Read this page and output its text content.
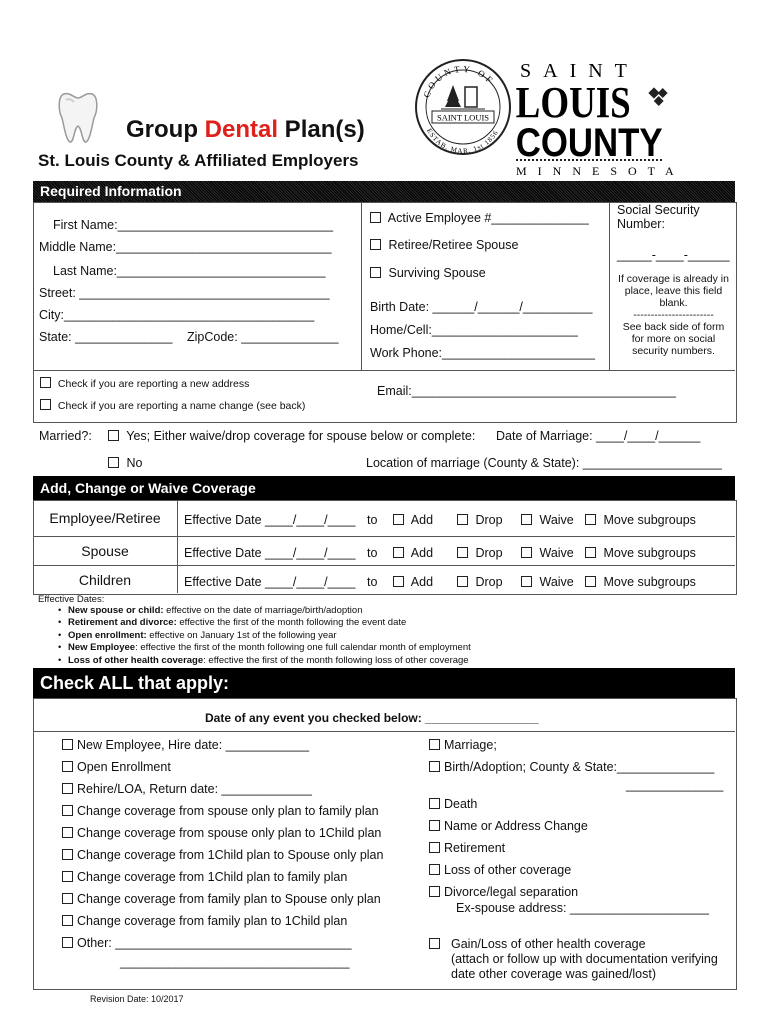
Group Dental Plan(s)
St. Louis County & Affiliated Employers
COUNTY OF
ESTAB. MAR. 1st 1856
SAINT LOUIS
SAINT
LOUIS
COUNTY
MINNESOTA
Required Information
First Name:_______________________________
Middle Name:_______________________________
Last Name:______________________________
Street: ____________________________________
City:____________________________________
State: ______________ ZipCode: ______________
Active Employee #______________
Retiree/Retiree Spouse
Surviving Spouse
Birth Date: ______/______/__________
Home/Cell:_____________________
Work Phone:______________________
Social Security
Number:
_____-____-______
If coverage is already in
place, leave this field
blank.
-----------------------
See back side of form
for more on social
security numbers.
Check if you are reporting a new address
Check if you are reporting a name change (see back)
Email:______________________________________
Married?:	Yes; Either waive/drop coverage for spouse below or complete: Date of Marriage: ____/____/______
No	Location of marriage (County & State): ____________________
Add, Change or Waive Coverage
Employee/Retiree	Effective Date ____/____/____ to	Add	Drop	Waive	Move subgroups
Spouse	Effective Date ____/____/____ to	Add	Drop	Waive	Move subgroups
Children	Effective Date ____/____/____ to	Add	Drop	Waive	Move subgroups
Effective Dates:
• New spouse or child: effective on the date of marriage/birth/adoption
• Retirement and divorce: effective the first of the month following the event date
• Open enrollment: effective on January 1st of the following year
• New Employee: effective the first of the month following one full calendar month of employment
• Loss of other health coverage: effective the first of the month following loss of other coverage
Check ALL that apply:
Date of any event you checked below: _________________
New Employee, Hire date: ____________
Open Enrollment
Rehire/LOA, Return date: _____________
Change coverage from spouse only plan to family plan
Change coverage from spouse only plan to 1Child plan
Change coverage from 1Child plan to Spouse only plan
Change coverage from 1Child plan to family plan
Change coverage from family plan to Spouse only plan
Change coverage from family plan to 1Child plan
Other: __________________________________
_________________________________
Marriage;
Birth/Adoption; County & State:______________
______________
Death
Name or Address Change
Retirement
Loss of other coverage
Divorce/legal separation
Ex-spouse address: ____________________
Gain/Loss of other health coverage
(attach or follow up with documentation verifying
date other coverage was gained/lost)
Revision Date: 10/2017
